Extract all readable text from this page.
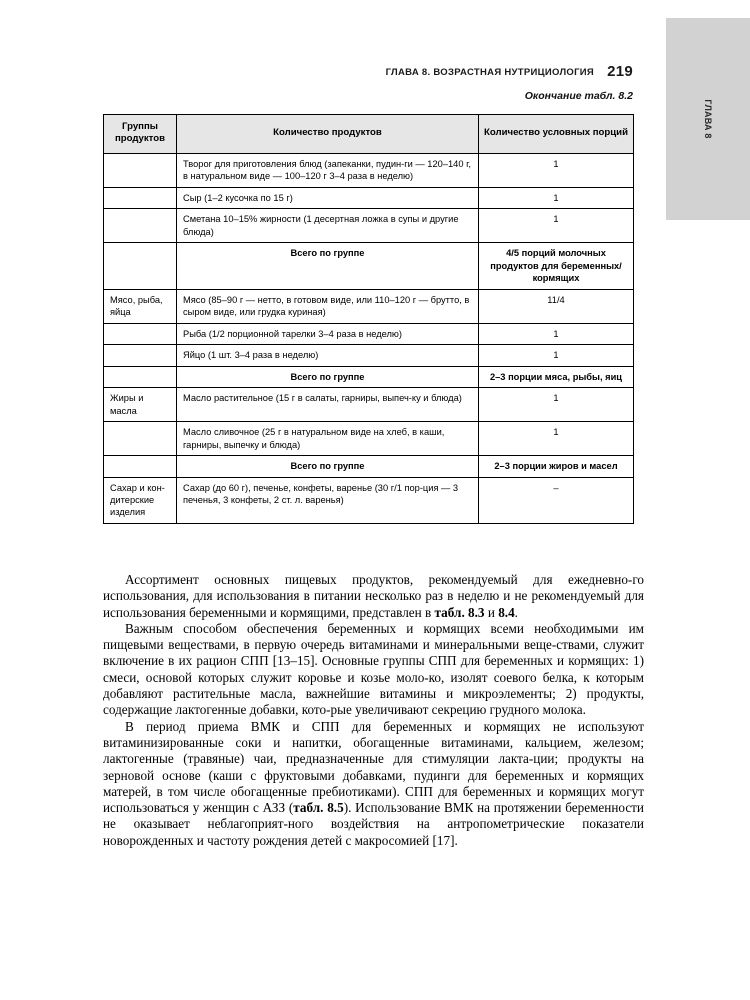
ГЛАВА 8
ГЛАВА 8. ВОЗРАСТНАЯ НУТРИЦИОЛОГИЯ 219
Окончание табл. 8.2
Группы продуктов	Количество продуктов	Количество условных порций
	Творог для приготовления блюд (запеканки, пудин-ги — 120–140 г, в натуральном виде — 100–120 г 3–4 раза в неделю)	1
	Сыр (1–2 кусочка по 15 г)	1
	Сметана 10–15% жирности (1 десертная ложка в супы и другие блюда)	1
	Всего по группе	4/5 порций молочных продуктов для беременных/кормящих
Мясо, рыба, яйца	Мясо (85–90 г — нетто, в готовом виде, или 110–120 г — брутто, в сыром виде, или грудка куриная)	11/4
	Рыба (1/2 порционной тарелки 3–4 раза в неделю)	1
	Яйцо (1 шт. 3–4 раза в неделю)	1
	Всего по группе	2–3 порции мяса, рыбы, яиц
Жиры и масла	Масло растительное (15 г в салаты, гарниры, выпеч-ку и блюда)	1
	Масло сливочное (25 г в натуральном виде на хлеб, в каши, гарниры, выпечку и блюда)	1
	Всего по группе	2–3 порции жиров и масел
Сахар и кон-дитерские изделия	Сахар (до 60 г), печенье, конфеты, варенье (30 г/1 пор-ция — 3 печенья, 3 конфеты, 2 ст. л. варенья)	–

Ассортимент основных пищевых продуктов, рекомендуемый для ежедневно-го использования, для использования в питании несколько раз в неделю и не рекомендуемый для использования беременными и кормящими, представлен в табл. 8.3 и 8.4.

Важным способом обеспечения беременных и кормящих всеми необходимыми им пищевыми веществами, в первую очередь витаминами и минеральными веще-ствами, служит включение в их рацион СПП [13–15]. Основные группы СПП для беременных и кормящих: 1) смеси, основой которых служит коровье и козье моло-ко, изолят соевого белка, к которым добавляют растительные масла, важнейшие витамины и микроэлементы; 2) продукты, содержащие лактогенные добавки, кото-рые увеличивают секрецию грудного молока.

В период приема ВМК и СПП для беременных и кормящих не используют витаминизированные соки и напитки, обогащенные витаминами, кальцием, железом; лактогенные (травяные) чаи, предназначенные для стимуляции лакта-ции; продукты на зерновой основе (каши с фруктовыми добавками, пудинги для беременных и кормящих матерей, в том числе обогащенные пребиотиками). СПП для беременных и кормящих могут использоваться у женщин с АЗЗ (табл. 8.5). Использование ВМК на протяжении беременности не оказывает неблагоприят-ного воздействия на антропометрические показатели новорожденных и частоту рождения детей с макросомией [17].
